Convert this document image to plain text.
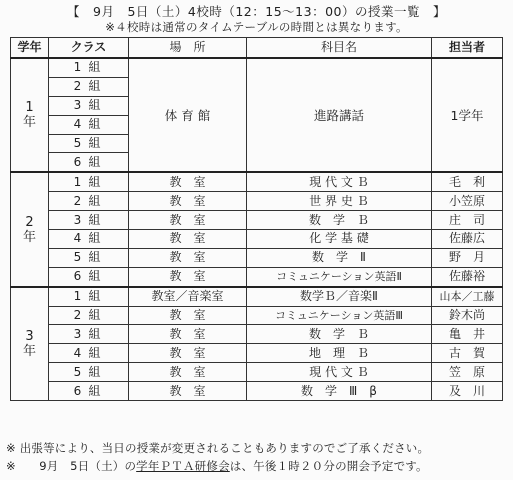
【　9月　5日（土）4校時（12：15～13：00）の授業一覧　】
※４校時は通常のタイムテーブルの時間とは異なります。
学年	クラス	場　所	科目名	担当者

1
年	1 組	体 育 館	進路講話	1学年
	2 組			
	3 組			
	4 組			
	5 組			
	6 組			

2
年	1 組	教　室	現 代 文 Ｂ	毛　利
	2 組	教　室	世 界 史 Ｂ	小笠原
	3 組	教　室	数　学　Ｂ	庄　司
	4 組	教　室	化 学 基 礎	佐藤広
	5 組	教　室	数　学　Ⅱ	野　月
	6 組	教　室	コミュニケーション英語Ⅱ	佐藤裕

3
年	1 組	教室／音楽室	数学Ｂ／音楽Ⅱ	山本／工藤
	2 組	教　室	コミュニケーション英語Ⅲ	鈴木尚
	3 組	教　室	数　学　Ｂ	亀　井
	4 組	教　室	地　理　Ｂ	古　賀
	5 組	教　室	現 代 文 Ｂ	笠　原
	6 組	教　室	数　学　Ⅲ　β	及　川
※ 出張等により、当日の授業が変更されることもありますのでご了承ください。
※　　9月　5日（土）の学年ＰＴＡ研修会は、午後１時２０分の開会予定です。
